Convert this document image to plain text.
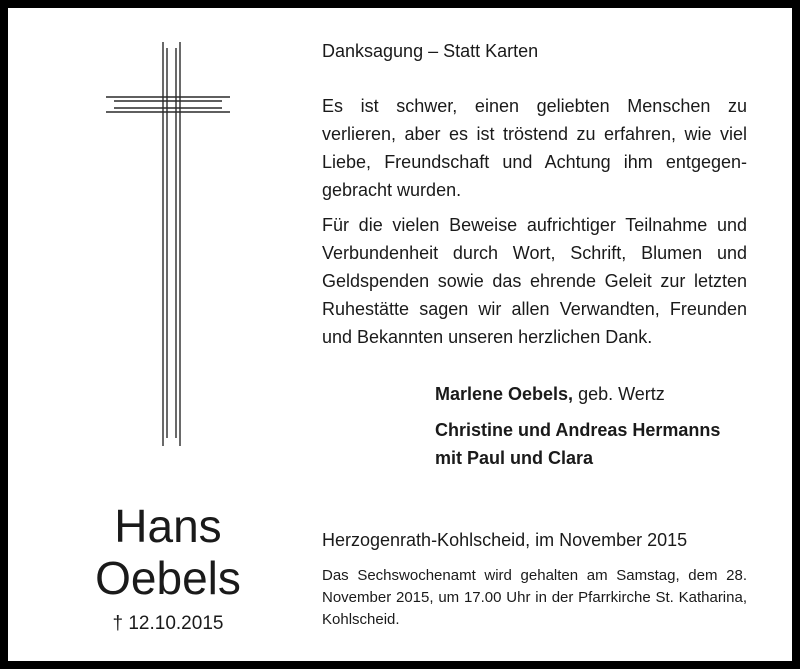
Hans
Oebels
† 12.10.2015
Danksagung – Statt Karten

Es ist schwer, einen geliebten Menschen zu verlieren, aber es ist tröstend zu erfahren, wie viel Liebe, Freundschaft und Achtung ihm entgegengebracht wurden.

Für die vielen Beweise aufrichtiger Teilnahme und Verbundenheit durch Wort, Schrift, Blumen und Geldspenden sowie das ehrende Geleit zur letzten Ruhestätte sagen wir allen Verwandten, Freunden und Bekannten unseren herzlichen Dank.

Marlene Oebels, geb. Wertz
Christine und Andreas Hermanns
mit Paul und Clara
Herzogenrath-Kohlscheid, im November 2015

Das Sechswochenamt wird gehalten am Samstag, dem 28. November 2015, um 17.00 Uhr in der Pfarrkirche St. Katharina, Kohlscheid.
